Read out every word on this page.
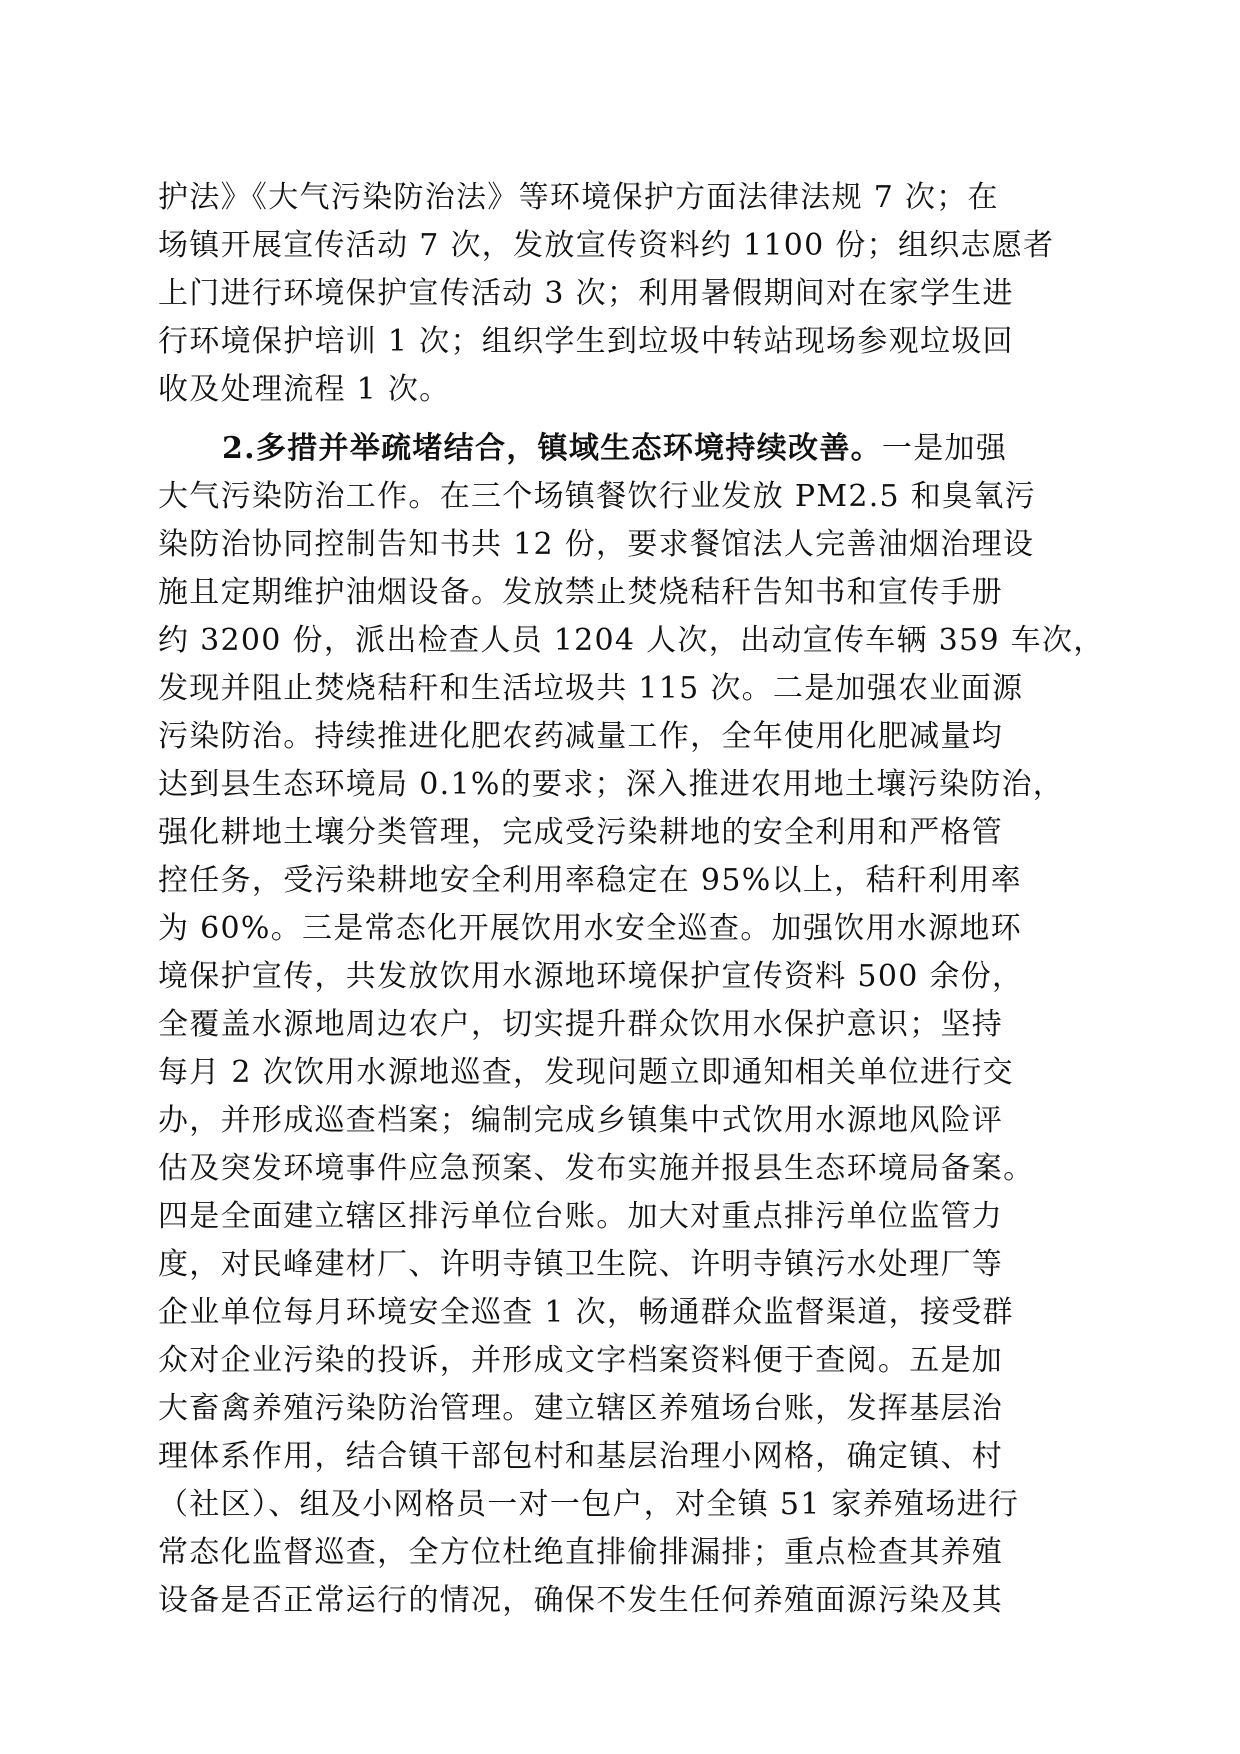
护法》《大气污染防治法》等环境保护方面法律法规 7 次；在
场镇开展宣传活动 7 次，发放宣传资料约 1100 份；组织志愿者
上门进行环境保护宣传活动 3 次；利用暑假期间对在家学生进
行环境保护培训 1 次；组织学生到垃圾中转站现场参观垃圾回
收及处理流程 1 次。
2.多措并举疏堵结合，镇域生态环境持续改善。一是加强
大气污染防治工作。在三个场镇餐饮行业发放 PM2.5 和臭氧污
染防治协同控制告知书共 12 份，要求餐馆法人完善油烟治理设
施且定期维护油烟设备。发放禁止焚烧秸秆告知书和宣传手册
约 3200 份，派出检查人员 1204 人次，出动宣传车辆 359 车次，
发现并阻止焚烧秸秆和生活垃圾共 115 次。二是加强农业面源
污染防治。持续推进化肥农药减量工作，全年使用化肥减量均
达到县生态环境局 0.1%的要求；深入推进农用地土壤污染防治，
强化耕地土壤分类管理，完成受污染耕地的安全利用和严格管
控任务，受污染耕地安全利用率稳定在 95%以上，秸秆利用率
为 60%。三是常态化开展饮用水安全巡查。加强饮用水源地环
境保护宣传，共发放饮用水源地环境保护宣传资料 500 余份，
全覆盖水源地周边农户，切实提升群众饮用水保护意识；坚持
每月 2 次饮用水源地巡查，发现问题立即通知相关单位进行交
办，并形成巡查档案；编制完成乡镇集中式饮用水源地风险评
估及突发环境事件应急预案、发布实施并报县生态环境局备案。
四是全面建立辖区排污单位台账。加大对重点排污单位监管力
度，对民峰建材厂、许明寺镇卫生院、许明寺镇污水处理厂等
企业单位每月环境安全巡查 1 次，畅通群众监督渠道，接受群
众对企业污染的投诉，并形成文字档案资料便于查阅。五是加
大畜禽养殖污染防治管理。建立辖区养殖场台账，发挥基层治
理体系作用，结合镇干部包村和基层治理小网格，确定镇、村
（社区）、组及小网格员一对一包户，对全镇 51 家养殖场进行
常态化监督巡查，全方位杜绝直排偷排漏排；重点检查其养殖
设备是否正常运行的情况，确保不发生任何养殖面源污染及其
